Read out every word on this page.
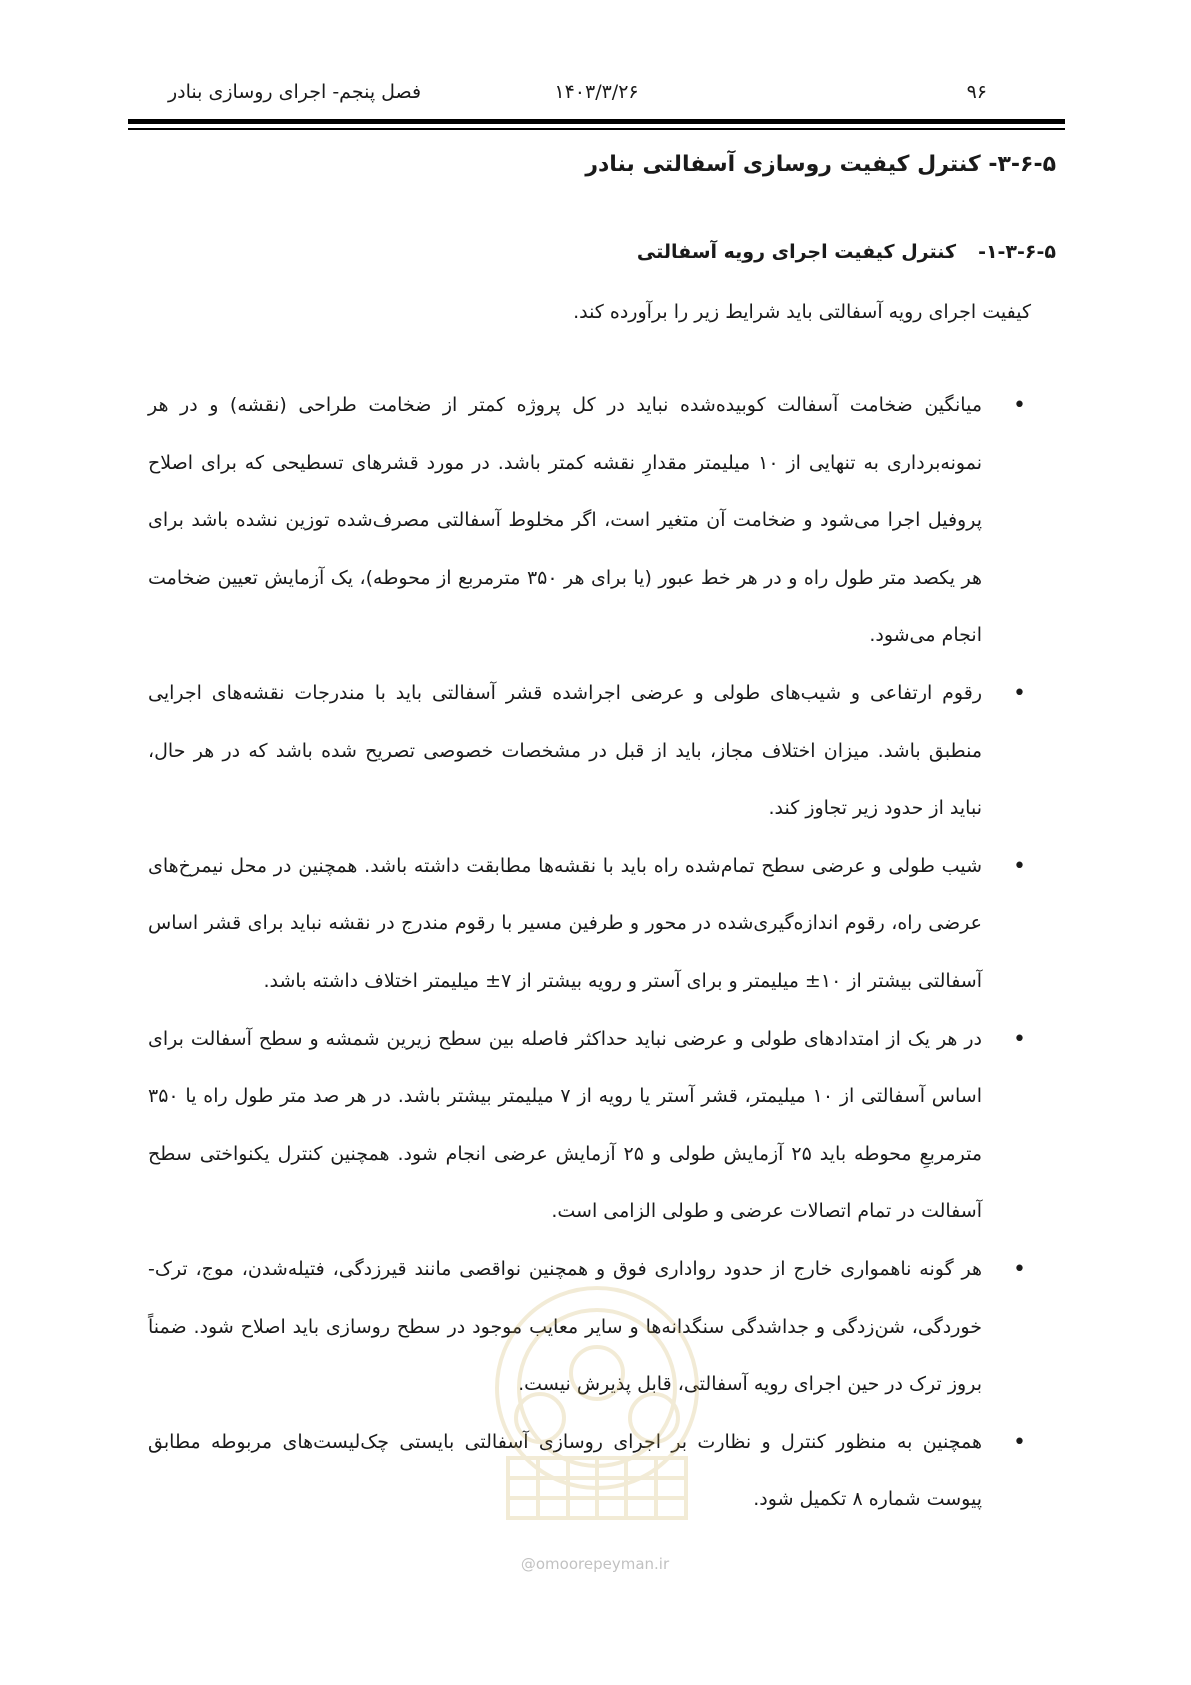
۹۶
۱۴۰۳/۳/۲۶
فصل پنجم- اجرای روسازی بنادر
۳-۶-۵- کنترل کیفیت روسازی آسفالتی بنادر
۱-۳-۶-۵-کنترل کیفیت اجرای رویه آسفالتی
کیفیت اجرای رویه آسفالتی باید شرایط زیر را برآورده کند.
•
میانگین ضخامت آسفالت کوبیده‌شده نباید در کل پروژه کمتر از ضخامت طراحی (نقشه) و در هر نمونه‌برداری به تنهایی از ۱۰ میلیمتر مقدارِ نقشه کمتر باشد. در مورد قشرهای تسطیحی که برای اصلاح پروفیل اجرا می‌شود و ضخامت آن متغیر است، اگر مخلوط آسفالتی مصرف‌شده توزین نشده باشد برای هر یکصد متر طول راه و در هر خط عبور (یا برای هر ۳۵۰ مترمربع از محوطه)، یک آزمایش تعیین ضخامت انجام می‌شود.
•
رقوم ارتفاعی و شیب‌های طولی و عرضی اجراشده قشر آسفالتی باید با مندرجات نقشه‌های اجرایی منطبق باشد. میزان اختلاف مجاز، باید از قبل در مشخصات خصوصی تصریح شده باشد که در هر حال، نباید از حدود زیر تجاوز کند.
•
شیب طولی و عرضی سطح تمام‌شده راه باید با نقشه‌ها مطابقت داشته باشد. همچنین در محل نیمرخ‌های عرضی راه، رقوم اندازه‌گیری‌شده در محور و طرفین مسیر با رقوم مندرج در نقشه نباید برای قشر اساس آسفالتی بیشتر از ۱۰± میلیمتر و برای آستر و رویه بیشتر از ۷± میلیمتر اختلاف داشته باشد.
•
در هر یک از امتدادهای طولی و عرضی نباید حداکثر فاصله بین سطح زیرین شمشه و سطح آسفالت برای اساس آسفالتی از ۱۰ میلیمتر، قشر آستر یا رویه از ۷ میلیمتر بیشتر باشد. در هر صد متر طول راه یا ۳۵۰ مترمربعِ محوطه باید ۲۵ آزمایش طولی و ۲۵ آزمایش عرضی انجام شود. همچنین کنترل یکنواختی سطح آسفالت در تمام اتصالات عرضی و طولی الزامی است.
•
هر گونه ناهمواری خارج از حدود رواداری فوق و همچنین نواقصی مانند قیرزدگی، فتیله‌شدن، موج، ترک-خوردگی، شن‌زدگی و جداشدگی سنگدانه‌ها و سایر معایب موجود در سطح روسازی باید اصلاح شود. ضمناً بروز ترک در حین اجرای رویه آسفالتی، قابل پذیرش نیست.
•
همچنین به منظور کنترل و نظارت بر اجرای روسازی آسفالتی بایستی چک‌لیست‌های مربوطه مطابق پیوست شماره ۸ تکمیل شود.
@omoorepeyman.ir
